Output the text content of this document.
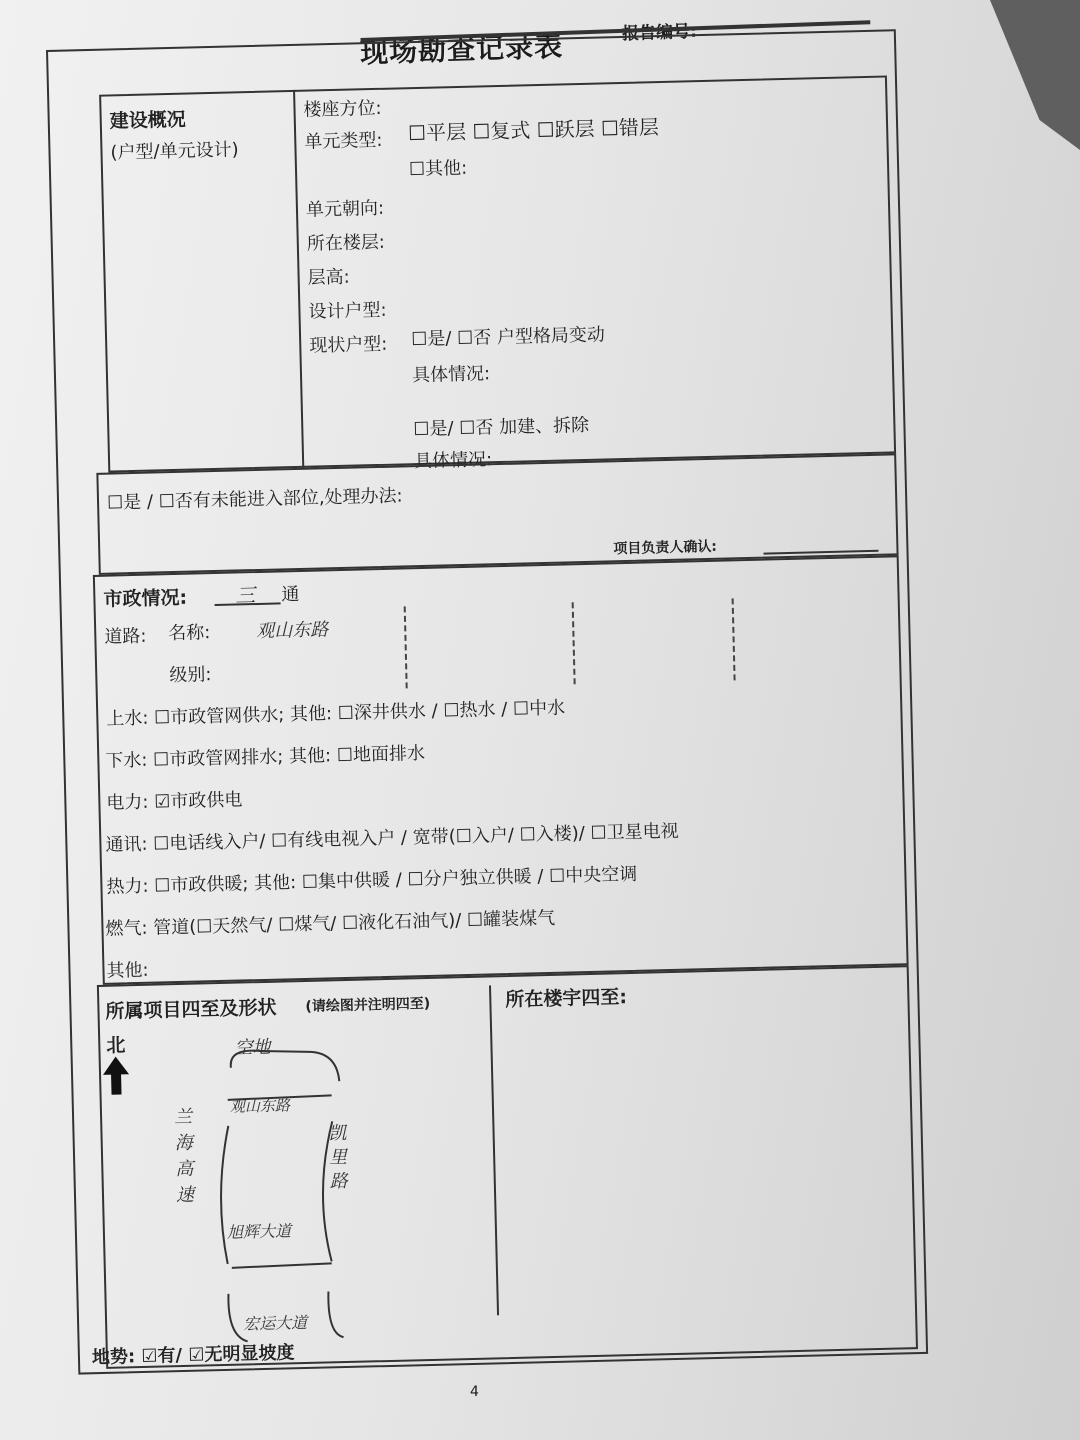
现场勘查记录表	报告编号:
建设概况
(户型/单元设计)
楼座方位:
单元类型: ☐平层 ☐复式 ☐跃层 ☐错层
☐其他:
单元朝向:
所在楼层:
层高:
设计户型:
现状户型: ☐是/ ☐否 户型格局变动
具体情况:
☐是/ ☐否 加建、拆除
具体情况:
☐是 / ☐否有未能进入部位,处理办法:
项目负责人确认:
市政情况: 三 通
道路: 名称:	观山东路
级别:
上水: ☐市政管网供水; 其他: ☐深井供水 / ☐热水 / ☐中水
下水: ☐市政管网排水; 其他: ☐地面排水
电力: ☑市政供电
通讯: ☐电话线入户/ ☐有线电视入户 / 宽带(☐入户/ ☐入楼)/ ☐卫星电视
热力: ☐市政供暖; 其他: ☐集中供暖 / ☐分户独立供暖 / ☐中央空调
燃气: 管道(☐天然气/ ☐煤气/ ☐液化石油气)/ ☐罐装煤气
其他:
所属项目四至及形状 (请绘图并注明四至)	所在楼宇四至:
北	空地
观山东路
兰海高速	凯里路
旭辉大道
宏运大道
地势: ☑有/ ☑无明显坡度
4
